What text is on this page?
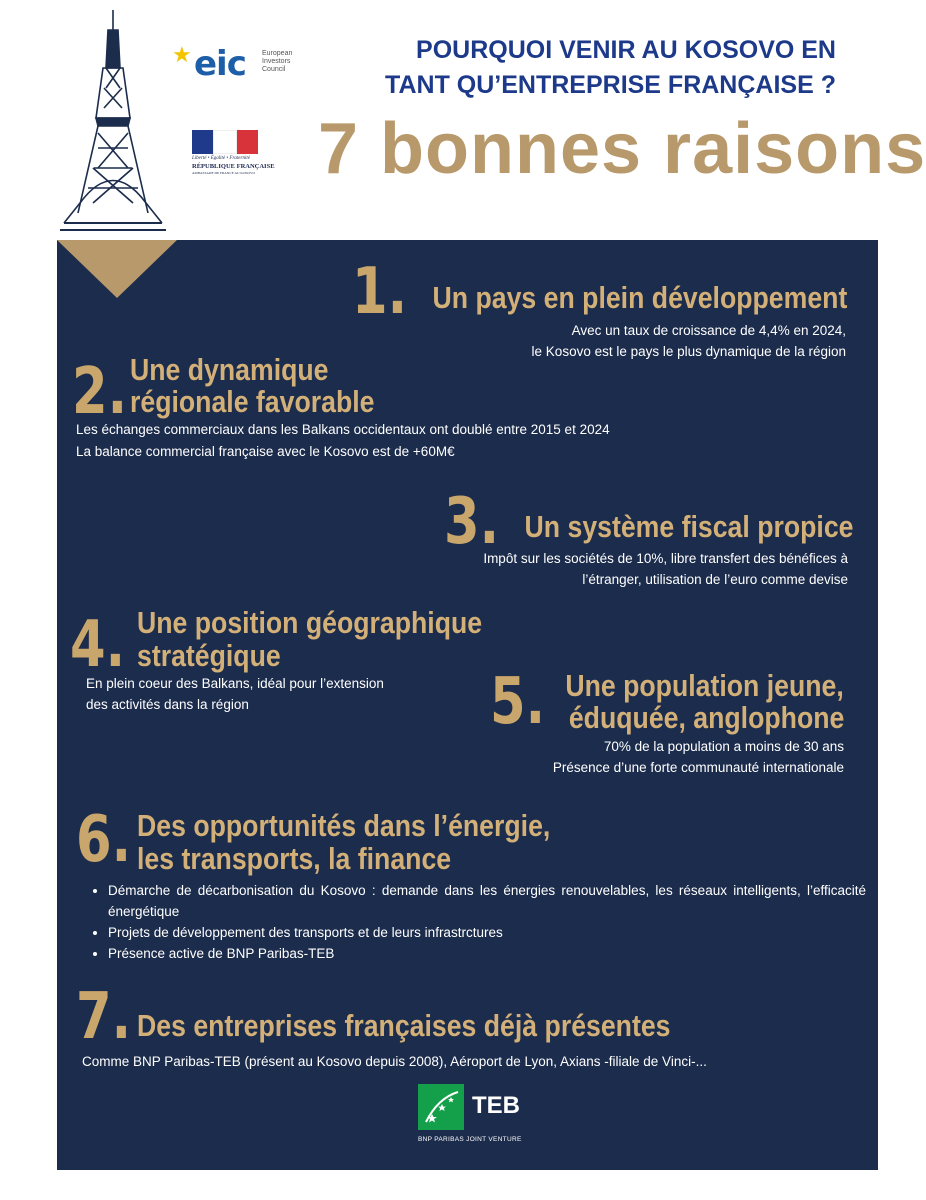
★ eic European
Investors
Council
Liberté • Égalité • Fraternité
RÉPUBLIQUE FRANÇAISE
AMBASSADE DE FRANCE AU KOSOVO
POURQUOI VENIR AU KOSOVO EN
TANT QU’ENTREPRISE FRANÇAISE ?
7 bonnes raisons
1. Un pays en plein développement
Avec un taux de croissance de 4,4% en 2024,
le Kosovo est le pays le plus dynamique de la région
2. Une dynamique
régionale favorable
Les échanges commerciaux dans les Balkans occidentaux ont doublé entre 2015 et 2024
La balance commercial française avec le Kosovo est de +60M€
3. Un système fiscal propice
Impôt sur les sociétés de 10%, libre transfert des bénéfices à
l’étranger, utilisation de l’euro comme devise
4. Une position géographique
stratégique
En plein coeur des Balkans, idéal pour l’extension
des activités dans la région	5. Une population jeune,
éduquée, anglophone
70% de la population a moins de 30 ans
Présence d’une forte communauté internationale
6. Des opportunités dans l’énergie,
les transports, la finance
• Démarche de décarbonisation du Kosovo : demande dans les énergies renouvelables, les réseaux intelligents, l’efficacité énergétique
• Projets de développement des transports et de leurs infrastrctures
• Présence active de BNP Paribas-TEB
7. Des entreprises françaises déjà présentes
Comme BNP Paribas-TEB (présent au Kosovo depuis 2008), Aéroport de Lyon, Axians -filiale de Vinci-...
TEB
BNP PARIBAS JOINT VENTURE
